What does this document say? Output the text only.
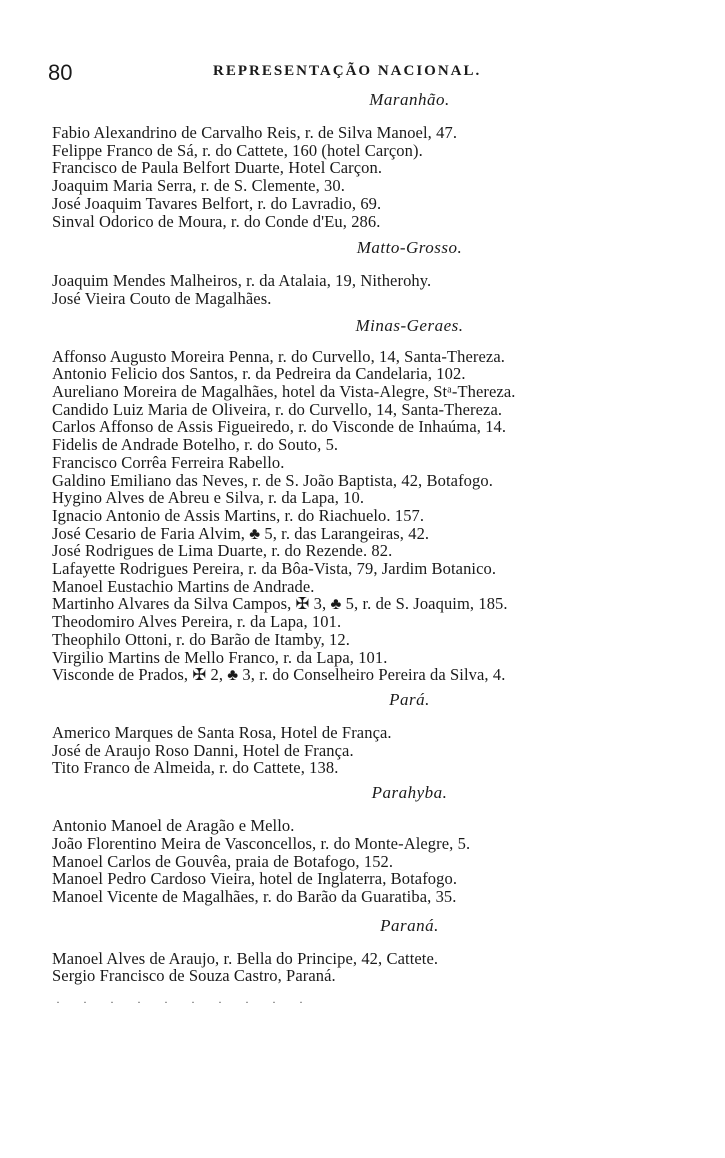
80	REPRESENTAÇÃO NACIONAL.
Maranhão.
Fabio Alexandrino de Carvalho Reis, r. de Silva Manoel, 47.
Felippe Franco de Sá, r. do Cattete, 160 (hotel Carçon).
Francisco de Paula Belfort Duarte, Hotel Carçon.
Joaquim Maria Serra, r. de S. Clemente, 30.
José Joaquim Tavares Belfort, r. do Lavradio, 69.
Sinval Odorico de Moura, r. do Conde d'Eu, 286.
Matto-Grosso.
Joaquim Mendes Malheiros, r. da Atalaia, 19, Nitherohy.
José Vieira Couto de Magalhães.
Minas-Geraes.
Affonso Augusto Moreira Penna, r. do Curvello, 14, Santa-Thereza.
Antonio Felicio dos Santos, r. da Pedreira da Candelaria, 102.
Aureliano Moreira de Magalhães, hotel da Vista-Alegre, Stᵃ-Thereza.
Candido Luiz Maria de Oliveira, r. do Curvello, 14, Santa-Thereza.
Carlos Affonso de Assis Figueiredo, r. do Visconde de Inhaúma, 14.
Fidelis de Andrade Botelho, r. do Souto, 5.
Francisco Corrêa Ferreira Rabello.
Galdino Emiliano das Neves, r. de S. João Baptista, 42, Botafogo.
Hygino Alves de Abreu e Silva, r. da Lapa, 10.
Ignacio Antonio de Assis Martins, r. do Riachuelo. 157.
José Cesario de Faria Alvim, ♣ 5, r. das Larangeiras, 42.
José Rodrigues de Lima Duarte, r. do Rezende. 82.
Lafayette Rodrigues Pereira, r. da Bôa-Vista, 79, Jardim Botanico.
Manoel Eustachio Martins de Andrade.
Martinho Alvares da Silva Campos, ✠ 3, ♣ 5, r. de S. Joaquim, 185.
Theodomiro Alves Pereira, r. da Lapa, 101.
Theophilo Ottoni, r. do Barão de Itamby, 12.
Virgilio Martins de Mello Franco, r. da Lapa, 101.
Visconde de Prados, ✠ 2, ♣ 3, r. do Conselheiro Pereira da Silva, 4.
Pará.
Americo Marques de Santa Rosa, Hotel de França.
José de Araujo Roso Danni, Hotel de França.
Tito Franco de Almeida, r. do Cattete, 138.
Parahyba.
Antonio Manoel de Aragão e Mello.
João Florentino Meira de Vasconcellos, r. do Monte-Alegre, 5.
Manoel Carlos de Gouvêa, praia de Botafogo, 152.
Manoel Pedro Cardoso Vieira, hotel de Inglaterra, Botafogo.
Manoel Vicente de Magalhães, r. do Barão da Guaratiba, 35.
Paraná.
Manoel Alves de Araujo, r. Bella do Principe, 42, Cattete.
Sergio Francisco de Souza Castro, Paraná.
· · · · · · · · · ·
